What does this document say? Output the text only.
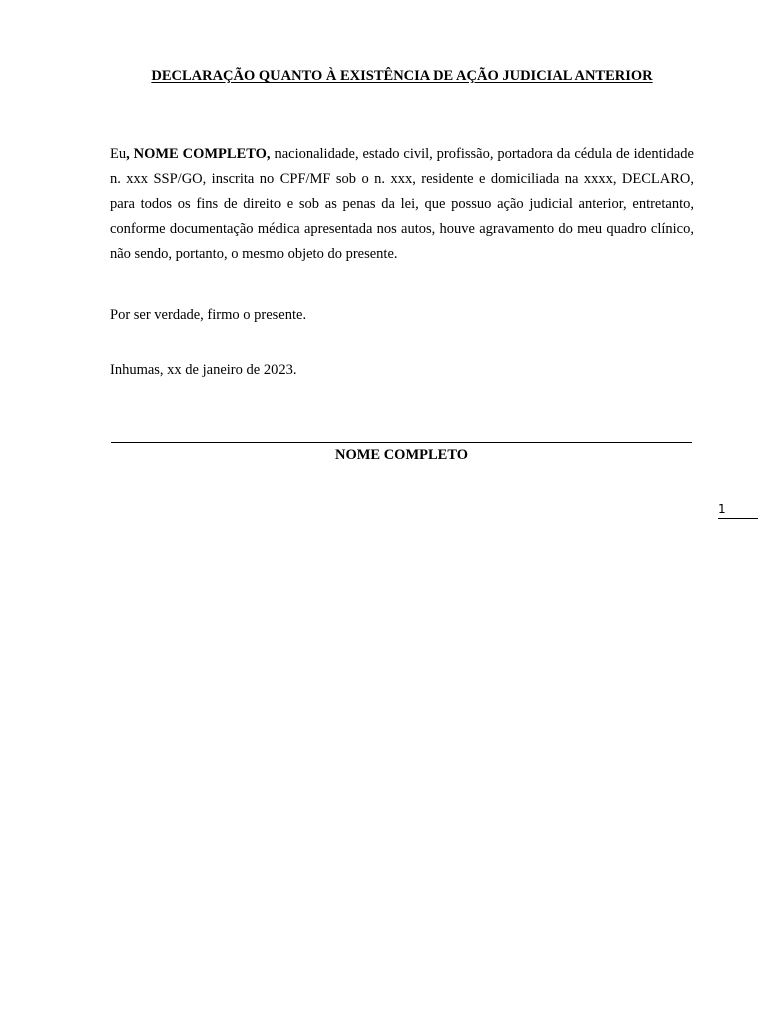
DECLARAÇÃO QUANTO À EXISTÊNCIA DE AÇÃO JUDICIAL ANTERIOR
Eu, NOME COMPLETO, nacionalidade, estado civil, profissão, portadora da cédula de identidade n. xxx SSP/GO, inscrita no CPF/MF sob o n. xxx, residente e domiciliada na xxxx, DECLARO, para todos os fins de direito e sob as penas da lei, que possuo ação judicial anterior, entretanto, conforme documentação médica apresentada nos autos, houve agravamento do meu quadro clínico, não sendo, portanto, o mesmo objeto do presente.
Por ser verdade, firmo o presente.
Inhumas, xx de janeiro de 2023.
NOME COMPLETO
1
